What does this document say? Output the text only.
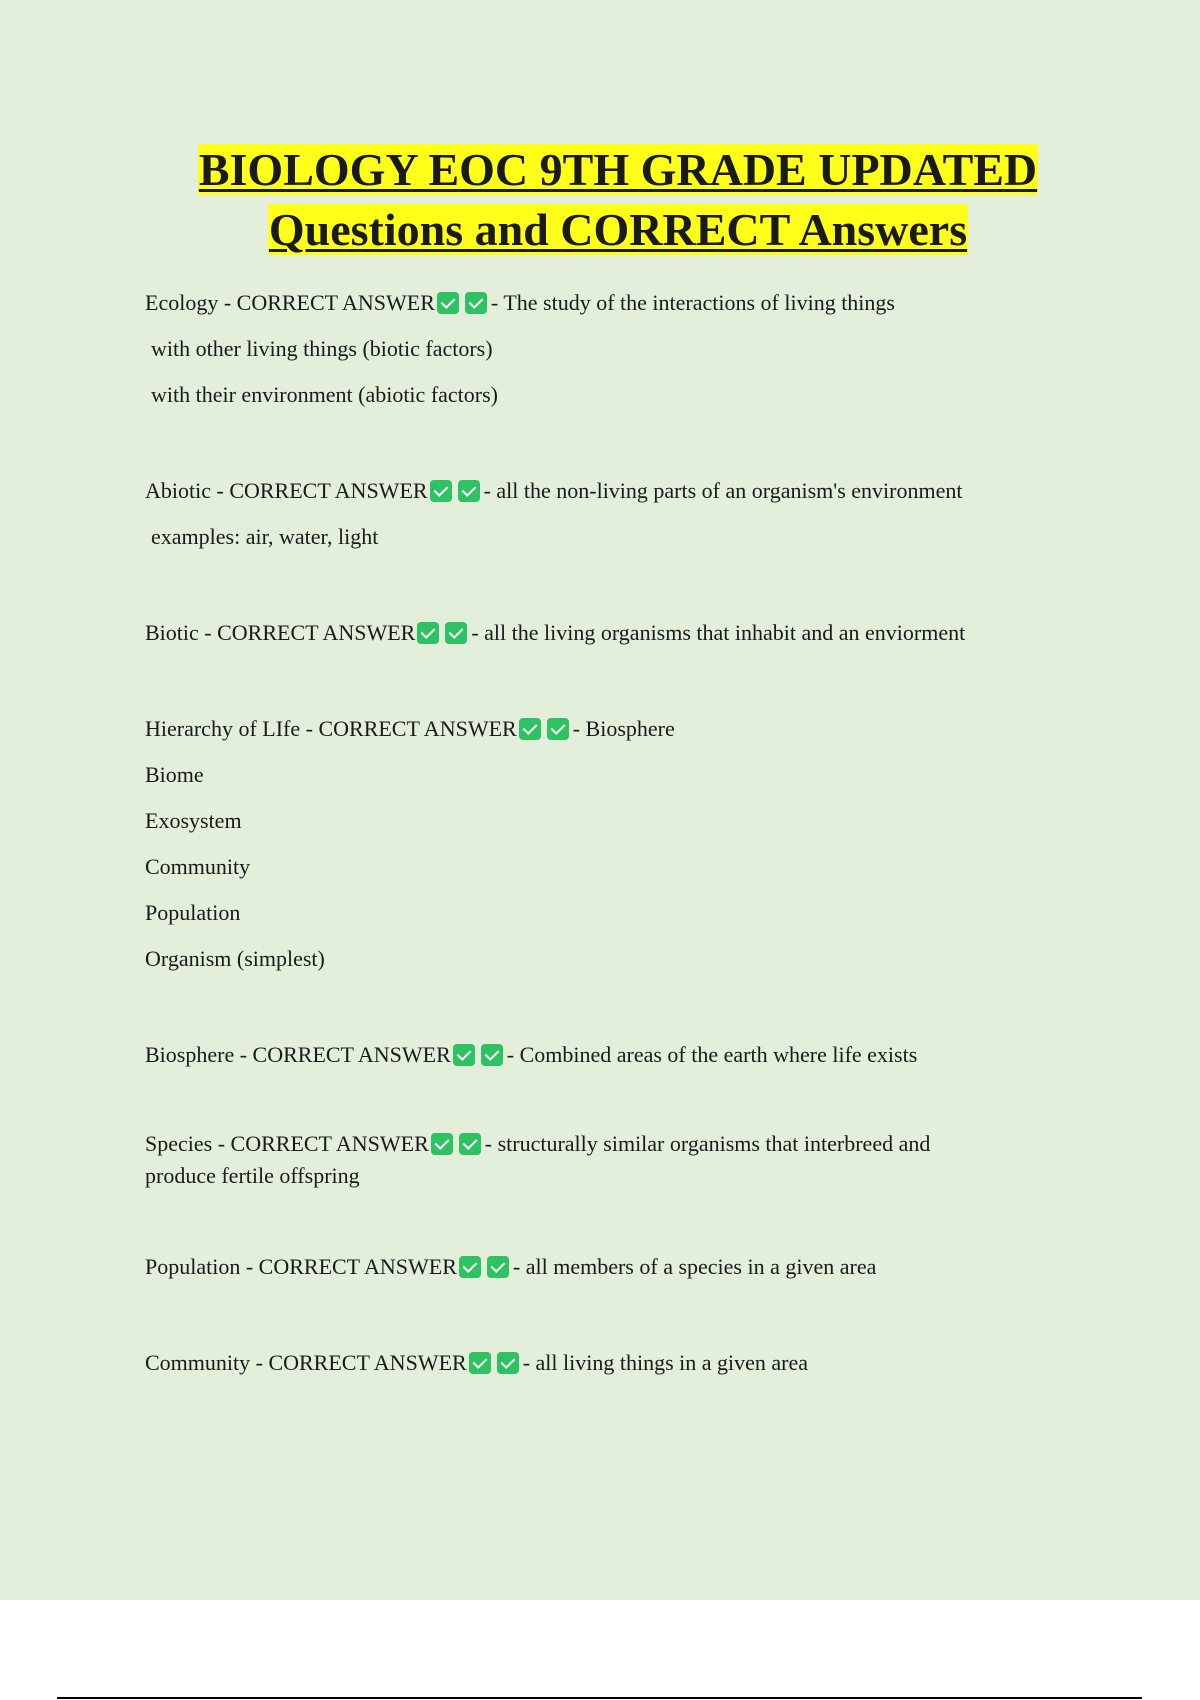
BIOLOGY EOC 9TH GRADE UPDATED
Questions and CORRECT Answers
Ecology - CORRECT ANSWER	- The study of the interactions of living things
with other living things (biotic factors)
with their environment (abiotic factors)
Abiotic - CORRECT ANSWER	- all the non-living parts of an organism's environment
examples: air, water, light
Biotic - CORRECT ANSWER	- all the living organisms that inhabit and an enviorment
Hierarchy of LIfe - CORRECT ANSWER	- Biosphere
Biome
Exosystem
Community
Population
Organism (simplest)
Biosphere - CORRECT ANSWER	- Combined areas of the earth where life exists
Species - CORRECT ANSWER	- structurally similar organisms that interbreed and
produce fertile offspring
Population - CORRECT ANSWER	- all members of a species in a given area
Community - CORRECT ANSWER	- all living things in a given area
